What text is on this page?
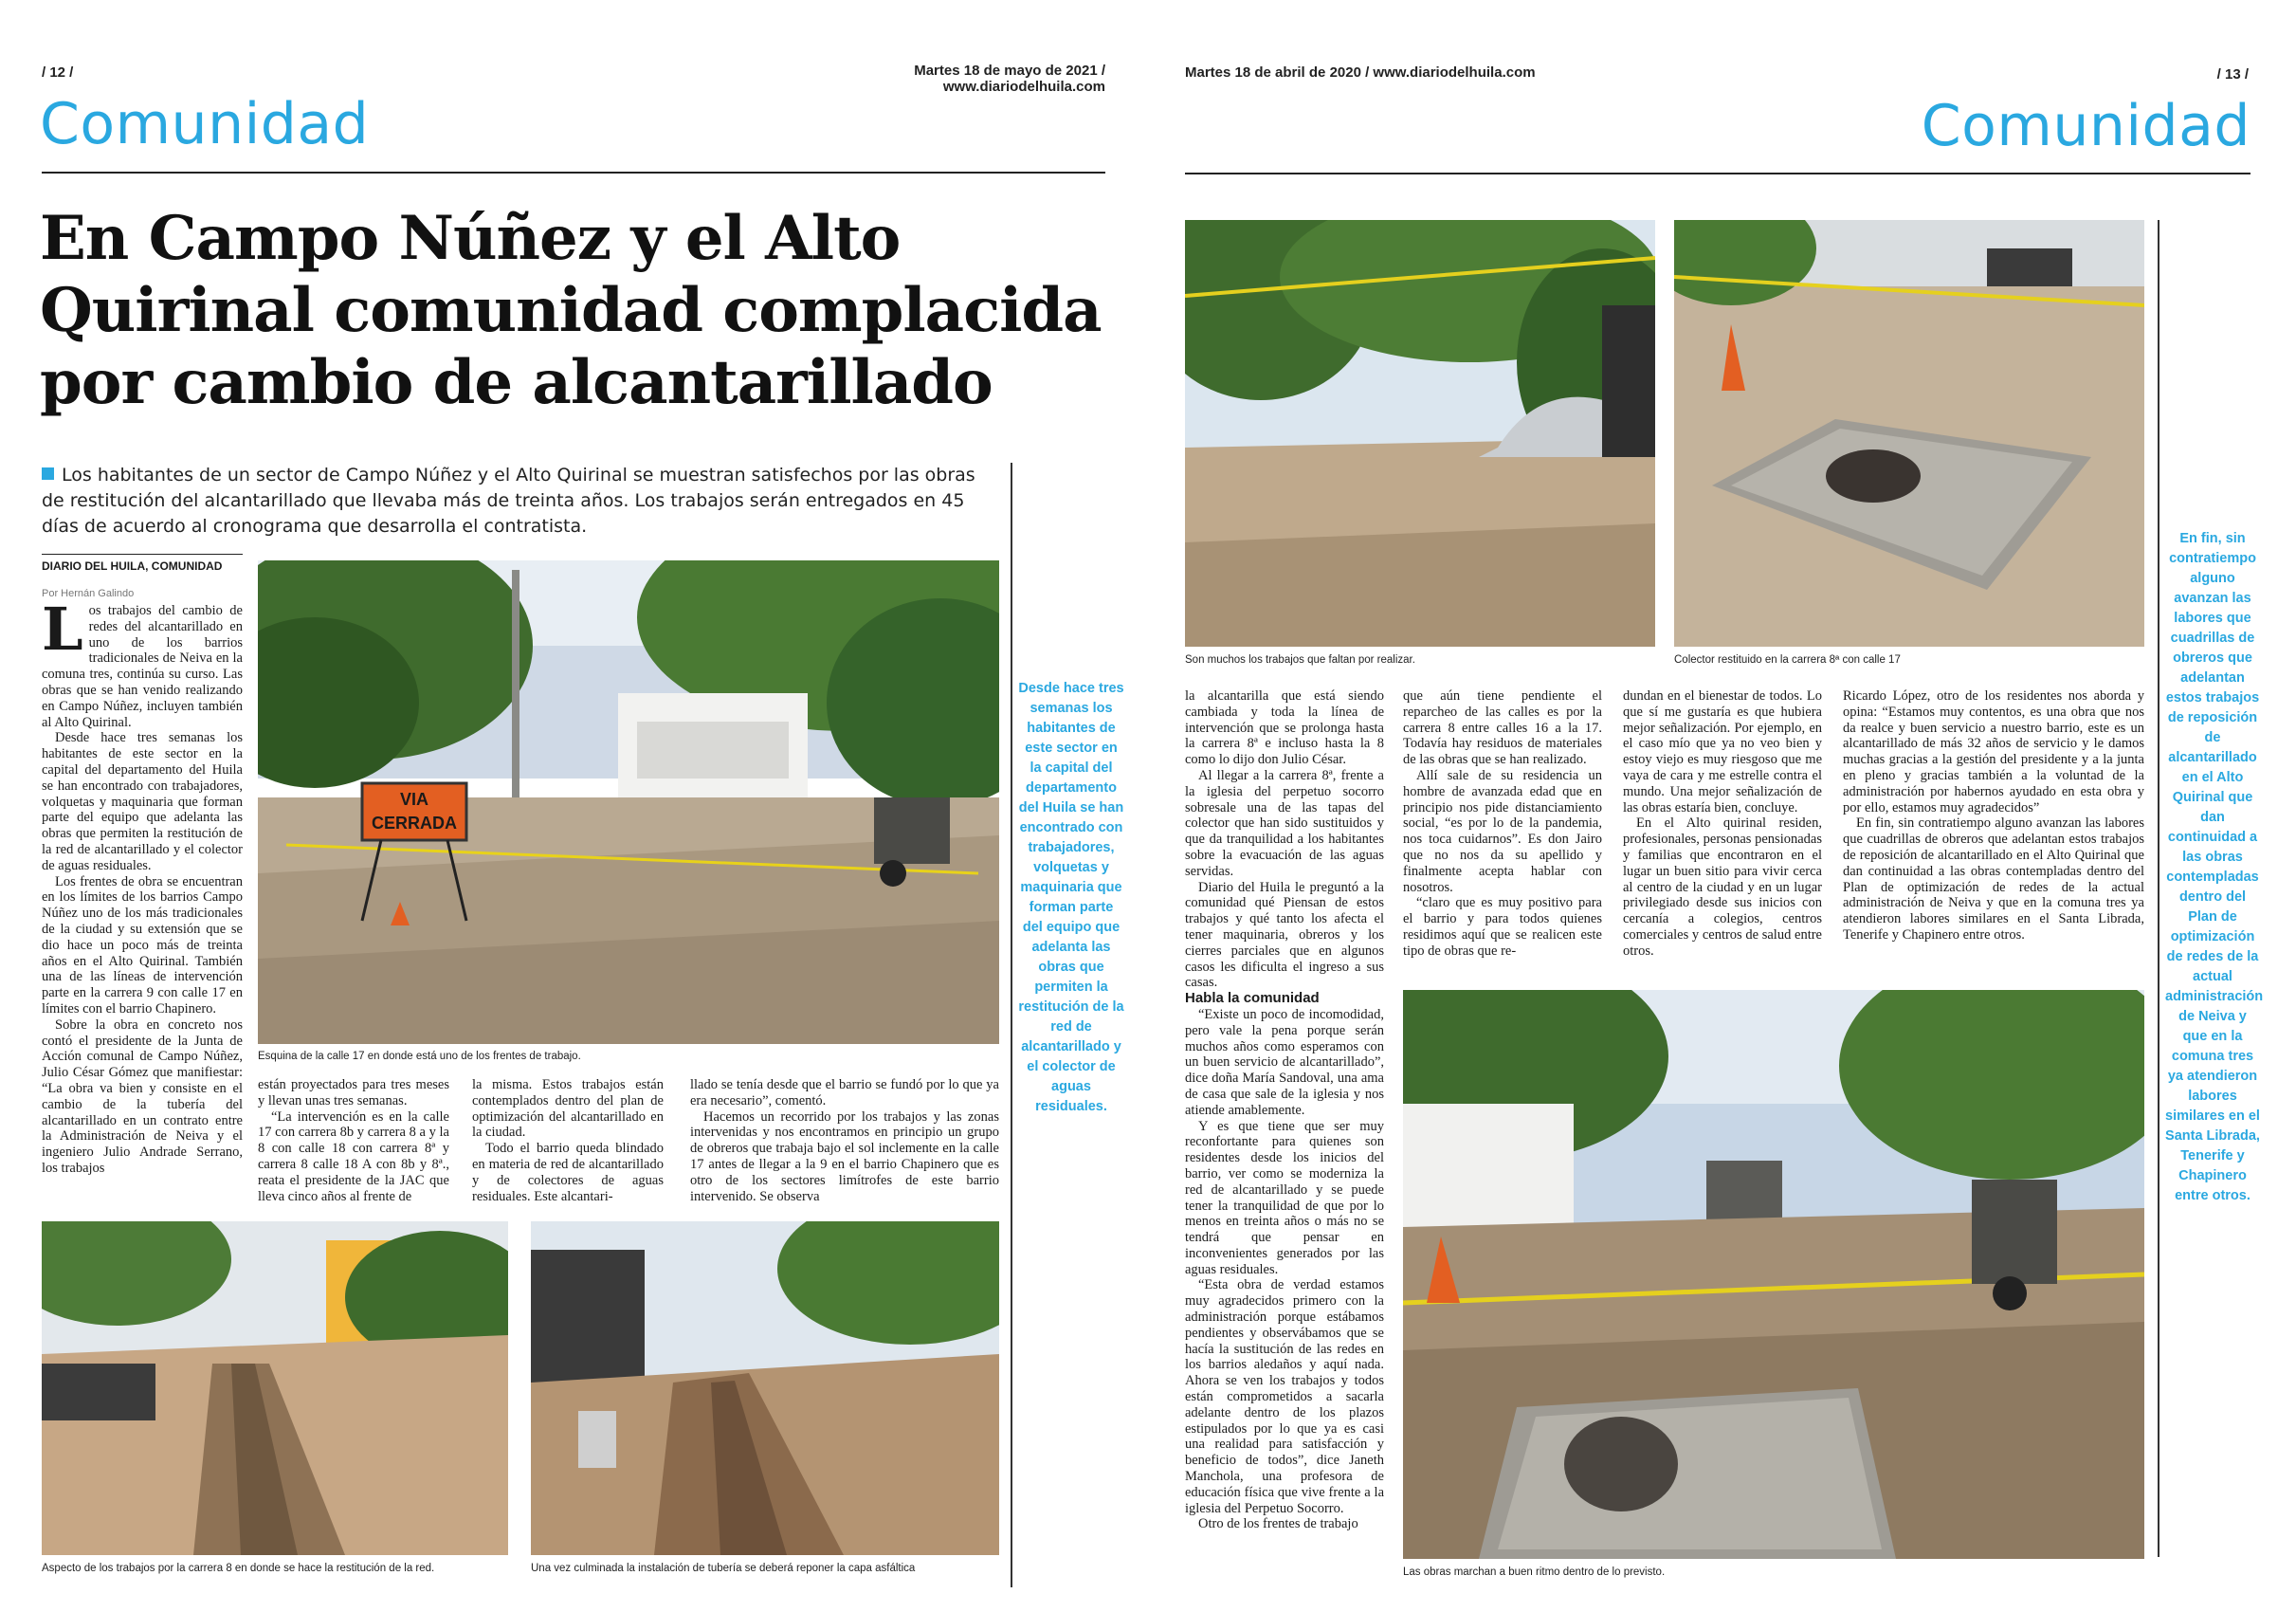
/ 12 /	Martes 18 de mayo de 2021 / www.diariodelhuila.com
Comunidad
En Campo Núñez y el Alto
Quirinal comunidad complacida
por cambio de alcantarillado
Los habitantes de un sector de Campo Núñez y el Alto Quirinal se muestran satisfechos por las obras de restitución del alcantarillado que llevaba más de treinta años. Los trabajos serán entregados en 45 días de acuerdo al cronograma que desarrolla el contratista.
DIARIO DEL HUILA, COMUNIDAD
Por Hernán Galindo

Los trabajos del cambio de redes del alcantarillado en uno de los barrios tradicionales de Neiva en la comuna tres, continúa su curso. Las obras que se han venido realizando en Campo Núñez, incluyen también al Alto Quirinal.

Desde hace tres semanas los habitantes de este sector en la capital del departamento del Huila se han encontrado con trabajadores, volquetas y maquinaria que forman parte del equipo que adelanta las obras que permiten la restitución de la red de alcantarillado y el colector de aguas residuales.

Los frentes de obra se encuentran en los límites de los barrios Campo Núñez uno de los más tradicionales de la ciudad y su extensión que se dio hace un poco más de treinta años en el Alto Quirinal. También una de las líneas de intervención parte en la carrera 9 con calle 17 en límites con el barrio Chapinero.

Sobre la obra en concreto nos contó el presidente de la Junta de Acción comunal de Campo Núñez, Julio César Gómez que manifiestar: “La obra va bien y consiste en el cambio de la tubería del alcantarillado en un contrato entre la Administración de Neiva y el ingeniero Julio Andrade Serrano, los trabajos

VIA
CERRADA
Esquina de la calle 17 en donde está uno de los frentes de trabajo.

están proyectados para tres meses y llevan unas tres semanas.

“La intervención es en la calle 17 con carrera 8b y carrera 8 a y la 8 con calle 18 con carrera 8ª y carrera 8 calle 18 A con 8b y 8ª., reata el presidente de la JAC que lleva cinco años al frente de

la misma. Estos trabajos están contemplados dentro del plan de optimización del alcantarillado en la ciudad.

Todo el barrio queda blindado en materia de red de alcantarillado y de colectores de aguas residuales. Este alcantari-

llado se tenía desde que el barrio se fundó por lo que ya era necesario”, comentó.

Hacemos un recorrido por los trabajos y las zonas intervenidas y nos encontramos en principio un grupo de obreros que trabaja bajo el sol inclemente en la calle 17 antes de llegar a la 9 en el barrio Chapinero que es otro de los sectores limítrofes de este barrio intervenido. Se observa

Aspecto de los trabajos por la carrera 8 en donde se hace la restitución de la red.	Una vez culminada la instalación de tubería se deberá reponer la capa asfáltica
Desde hace tres semanas los habitantes de este sector en la capital del departamento del Huila se han encontrado con trabajadores, volquetas y maquinaria que forman parte del equipo que adelanta las obras que permiten la restitución de la red de alcantarillado y el colector de aguas residuales.
Martes 18 de abril de 2020 / www.diariodelhuila.com	/ 13 /
Comunidad
Son muchos los trabajos que faltan por realizar.	Colector restituido en la carrera 8ª con calle 17

la alcantarilla que está siendo cambiada y toda la línea de intervención que se prolonga hasta la carrera 8ª e incluso hasta la 8 como lo dijo don Julio César.

Al llegar a la carrera 8ª, frente a la iglesia del perpetuo socorro sobresale una de las tapas del colector que han sido sustituidos y que da tranquilidad a los habitantes sobre la evacuación de las aguas servidas.

Diario del Huila le preguntó a la comunidad qué Piensan de estos trabajos y qué tanto los afecta el tener maquinaria, obreros y los cierres parciales que en algunos casos les dificulta el ingreso a sus casas.

Habla la comunidad

“Existe un poco de incomodidad, pero vale la pena porque serán muchos años como esperamos con un buen servicio de alcantarillado”, dice doña María Sandoval, una ama de casa que sale de la iglesia y nos atiende amablemente.

Y es que tiene que ser muy reconfortante para quienes son residentes desde los inicios del barrio, ver como se moderniza la red de alcantarillado y se puede tener la tranquilidad de que por lo menos en treinta años o más no se tendrá que pensar en inconvenientes generados por las aguas residuales.

“Esta obra de verdad estamos muy agradecidos primero con la administración porque estábamos pendientes y observábamos que se hacía la sustitución de las redes en los barrios aledaños y aquí nada. Ahora se ven los trabajos y todos están comprometidos a sacarla adelante dentro de los plazos estipulados por lo que ya es casi una realidad para satisfacción y beneficio de todos”, dice Janeth Manchola, una profesora de educación física que vive frente a la iglesia del Perpetuo Socorro.

Otro de los frentes de trabajo

que aún tiene pendiente el reparcheo de las calles es por la carrera 8 entre calles 16 a la 17. Todavía hay residuos de materiales de las obras que se han realizado.

Allí sale de su residencia un hombre de avanzada edad que en principio nos pide distanciamiento social, “es por lo de la pandemia, nos toca cuidarnos”. Es don Jairo que no nos da su apellido y finalmente acepta hablar con nosotros.

“claro que es muy positivo para el barrio y para todos quienes residimos aquí que se realicen este tipo de obras que re-

dundan en el bienestar de todos. Lo que sí me gustaría es que hubiera mejor señalización. Por ejemplo, en el caso mío que ya no veo bien y estoy viejo es muy riesgoso que me vaya de cara y me estrelle contra el mundo. Una mejor señalización de las obras estaría bien, concluye.

En el Alto quirinal residen, profesionales, personas pensionadas y familias que encontraron en el lugar un buen sitio para vivir cerca al centro de la ciudad y en un lugar privilegiado desde sus inicios con cercanía a colegios, centros comerciales y centros de salud entre otros.

Ricardo López, otro de los residentes nos aborda y opina: “Estamos muy contentos, es una obra que nos da realce y buen servicio a nuestro barrio, este es un alcantarillado de más 32 años de servicio y le damos muchas gracias a la gestión del presidente y a la junta en pleno y gracias también a la voluntad de la administración por habernos ayudado en esta obra y por ello, estamos muy agradecidos”

En fin, sin contratiempo alguno avanzan las labores que cuadrillas de obreros que adelantan estos trabajos de reposición de alcantarillado en el Alto Quirinal que dan continuidad a las obras contempladas dentro del Plan de optimización de redes de la actual administración de Neiva y que en la comuna tres ya atendieron labores similares en el Santa Librada, Tenerife y Chapinero entre otros.

Las obras marchan a buen ritmo dentro de lo previsto.
En fin, sin contratiempo alguno avanzan las labores que cuadrillas de obreros que adelantan estos trabajos de reposición de alcantarillado en el Alto Quirinal que dan continuidad a las obras contempladas dentro del Plan de optimización de redes de la actual administración de Neiva y que en la comuna tres ya atendieron labores similares en el Santa Librada, Tenerife y Chapinero entre otros.
